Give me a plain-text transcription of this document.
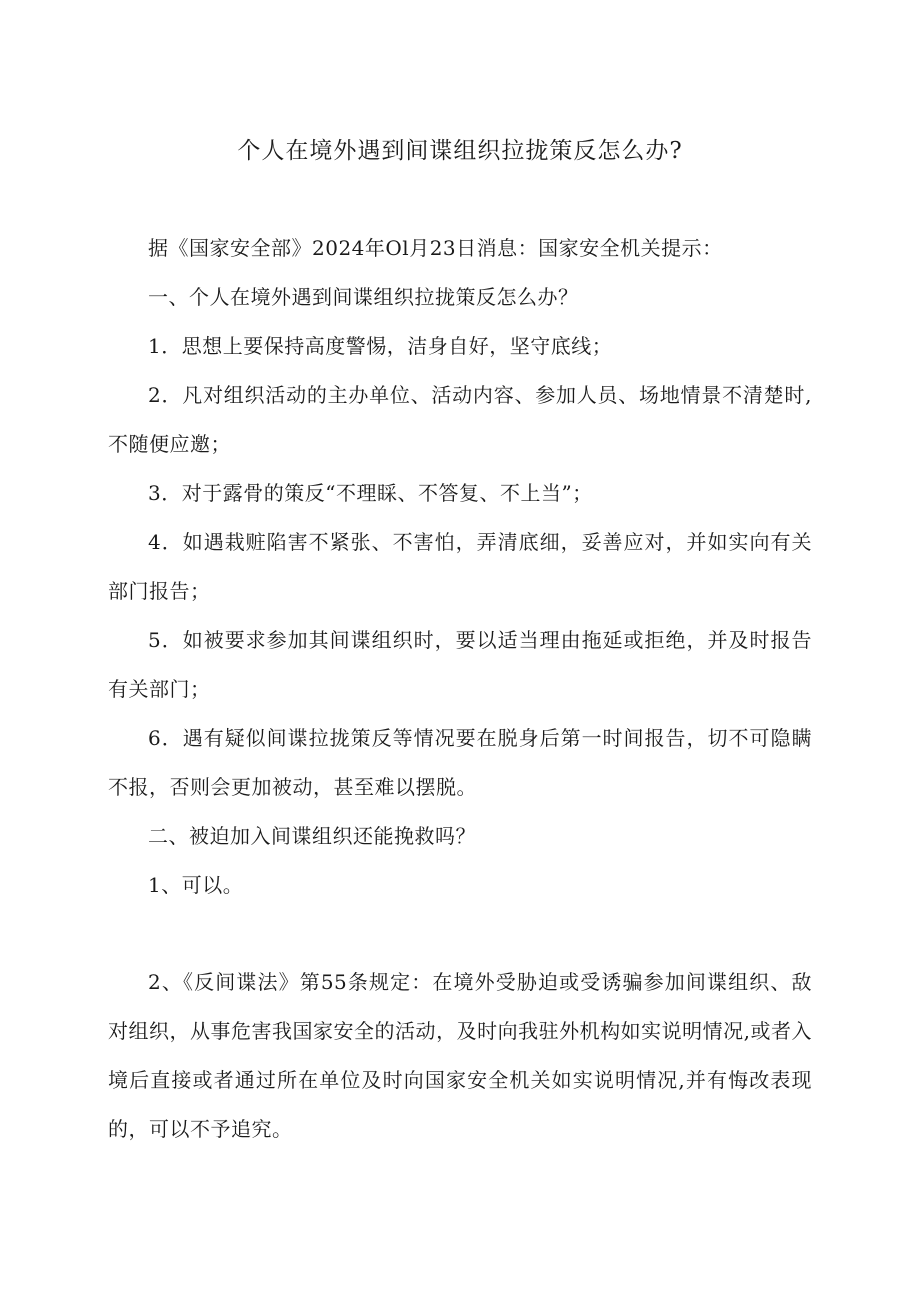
个人在境外遇到间谍组织拉拢策反怎么办?

据《国家安全部》2024年Ol月23日消息：国家安全机关提示：

一、个人在境外遇到间谍组织拉拢策反怎么办？

1．思想上要保持高度警惕，洁身自好，坚守底线；

2．凡对组织活动的主办单位、活动内容、参加人员、场地情景不清楚时,不随便应邀；

3．对于露骨的策反“不理睬、不答复、不上当”；

4．如遇栽赃陷害不紧张、不害怕，弄清底细，妥善应对，并如实向有关部门报告；

5．如被要求参加其间谍组织时，要以适当理由拖延或拒绝，并及时报告有关部门；

6．遇有疑似间谍拉拢策反等情况要在脱身后第一时间报告，切不可隐瞒不报，否则会更加被动，甚至难以摆脱。

二、被迫加入间谍组织还能挽救吗？

1、可以。

2、《反间谍法》第55条规定：在境外受胁迫或受诱骗参加间谍组织、敌对组织，从事危害我国家安全的活动，及时向我驻外机构如实说明情况,或者入境后直接或者通过所在单位及时向国家安全机关如实说明情况,并有悔改表现的，可以不予追究。
